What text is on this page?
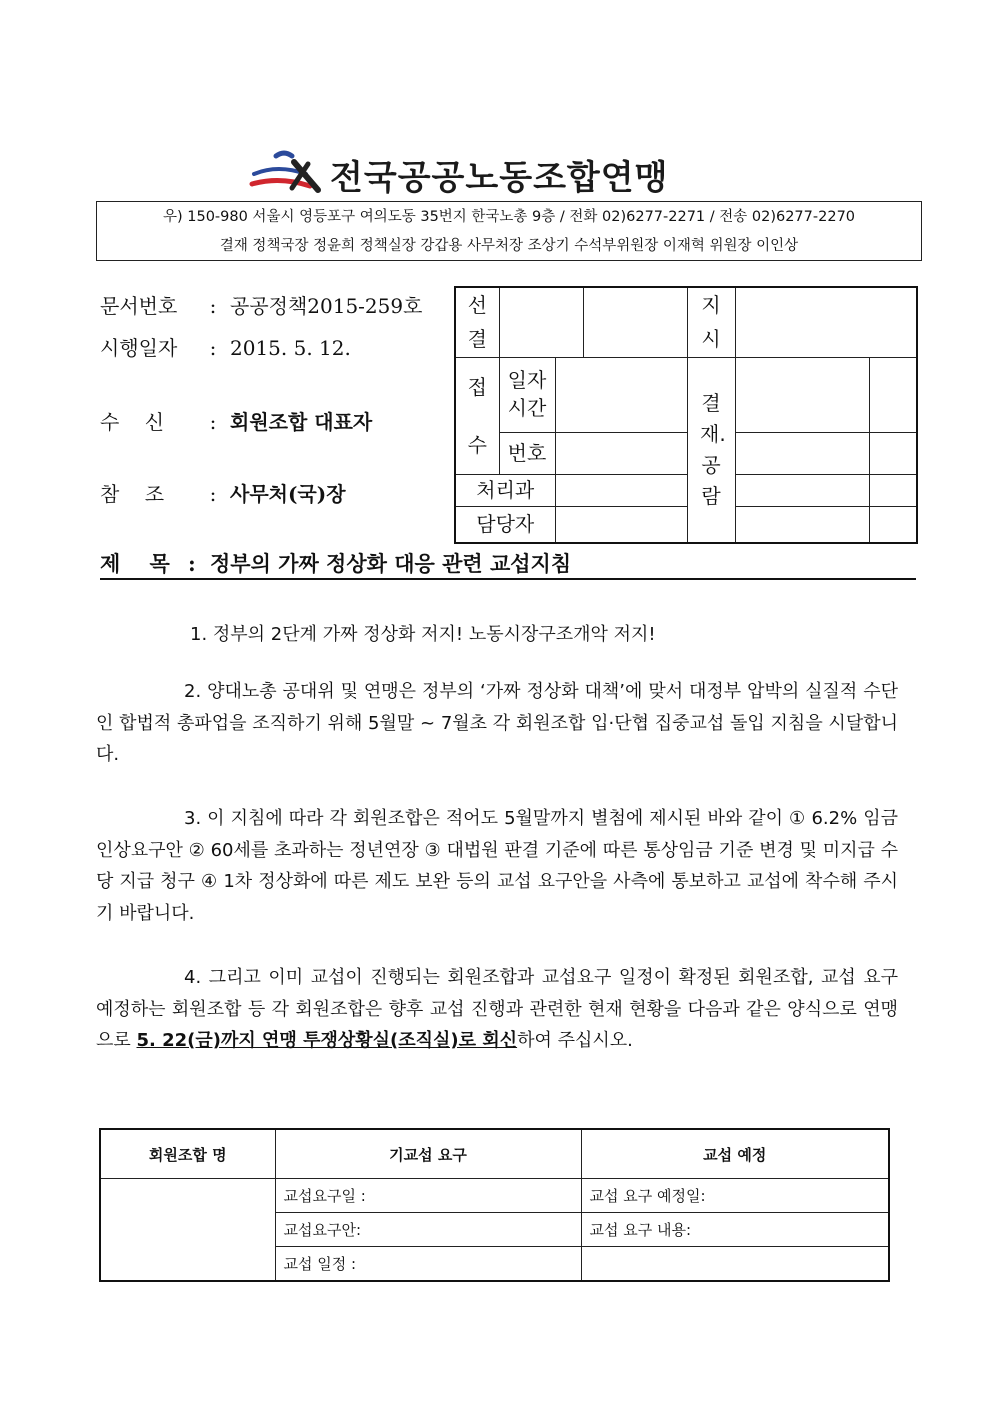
전국공공노동조합연맹
우) 150-980 서울시 영등포구 여의도동 35번지 한국노총 9층 / 전화 02)6277-2271 / 전송 02)6277-2270
결재 정책국장 정윤희 정책실장 강갑용 사무처장 조상기 수석부위원장 이재혁 위원장 이인상
문서번호 : 공공정책2015-259호
시행일자 : 2015. 5. 12.
수    신 : 회원조합 대표자
참    조 : 사무처(국)장
선결				지시		
접수	일자시간			결재.공람		
	번호					
처리과						
담당자						
제    목 : 정부의 가짜 정상화 대응 관련 교섭지침
1. 정부의 2단계 가짜 정상화 저지! 노동시장구조개악 저지!
2. 양대노총 공대위 및 연맹은 정부의 ‘가짜 정상화 대책’에 맞서 대정부 압박의 실질적 수단인 합법적 총파업을 조직하기 위해 5월말 ~ 7월초 각 회원조합 입·단협 집중교섭 돌입 지침을 시달합니다.
3. 이 지침에 따라 각 회원조합은 적어도 5월말까지 별첨에 제시된 바와 같이 ① 6.2% 임금 인상요구안 ② 60세를 초과하는 정년연장 ③ 대법원 판결 기준에 따른 통상임금 기준 변경 및 미지급 수당 지급 청구 ④ 1차 정상화에 따른 제도 보완 등의 교섭 요구안을 사측에 통보하고 교섭에 착수해 주시기 바랍니다.
4. 그리고 이미 교섭이 진행되는 회원조합과 교섭요구 일정이 확정된 회원조합, 교섭 요구 예정하는 회원조합 등 각 회원조합은 향후 교섭 진행과 관련한 현재 현황을 다음과 같은 양식으로 연맹으로 5. 22(금)까지 연맹 투쟁상황실(조직실)로 회신하여 주십시오.
회원조합 명	기교섭 요구	교섭 예정
	교섭요구일 :	교섭 요구 예정일:
	교섭요구안:	교섭 요구 내용:
	교섭 일정 :	
